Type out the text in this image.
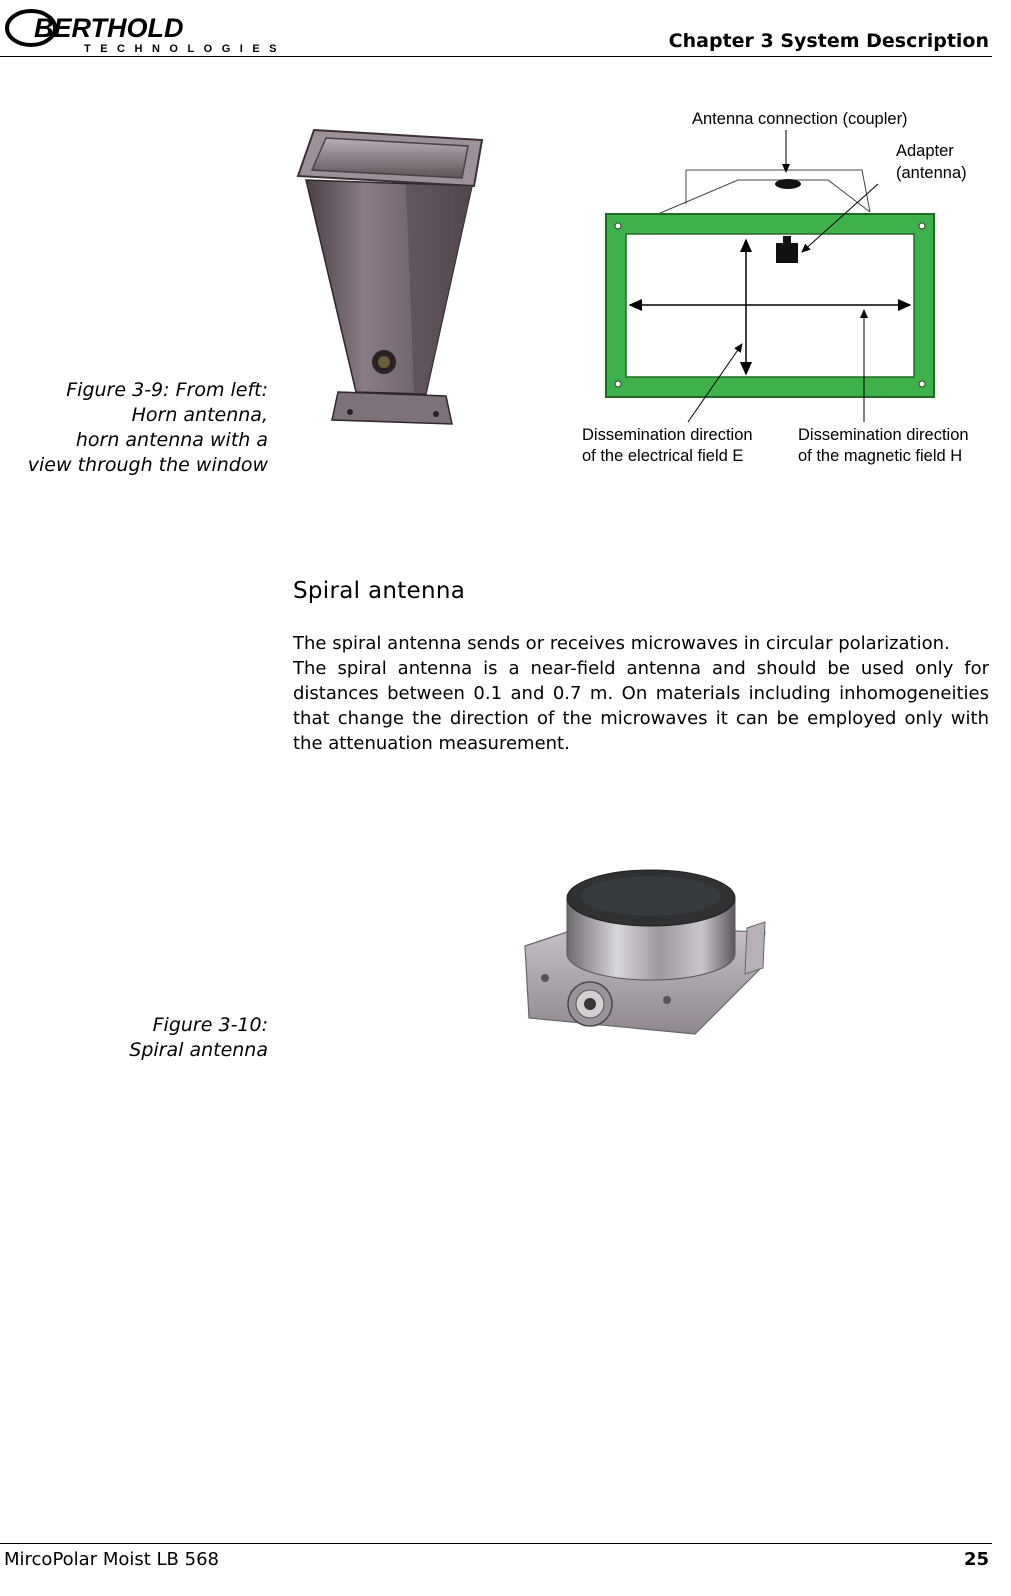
BERTHOLD
TECHNOLOGIES	Chapter 3 System Description
Figure 3-9: From left:
Horn antenna,
horn antenna with a
view through the window
Antenna connection (coupler)
Adapter
(antenna)
Dissemination direction
of the electrical field E
Dissemination direction
of the magnetic field H
Spiral antenna

The spiral antenna sends or receives microwaves in circular polarization.

The spiral antenna is a near-field antenna and should be used only for distances between 0.1 and 0.7 m. On materials including inhomogeneities that change the direction of the microwaves it can be employed only with the attenuation measurement.

Figure 3-10:
Spiral antenna
MircoPolar Moist LB 568	25
